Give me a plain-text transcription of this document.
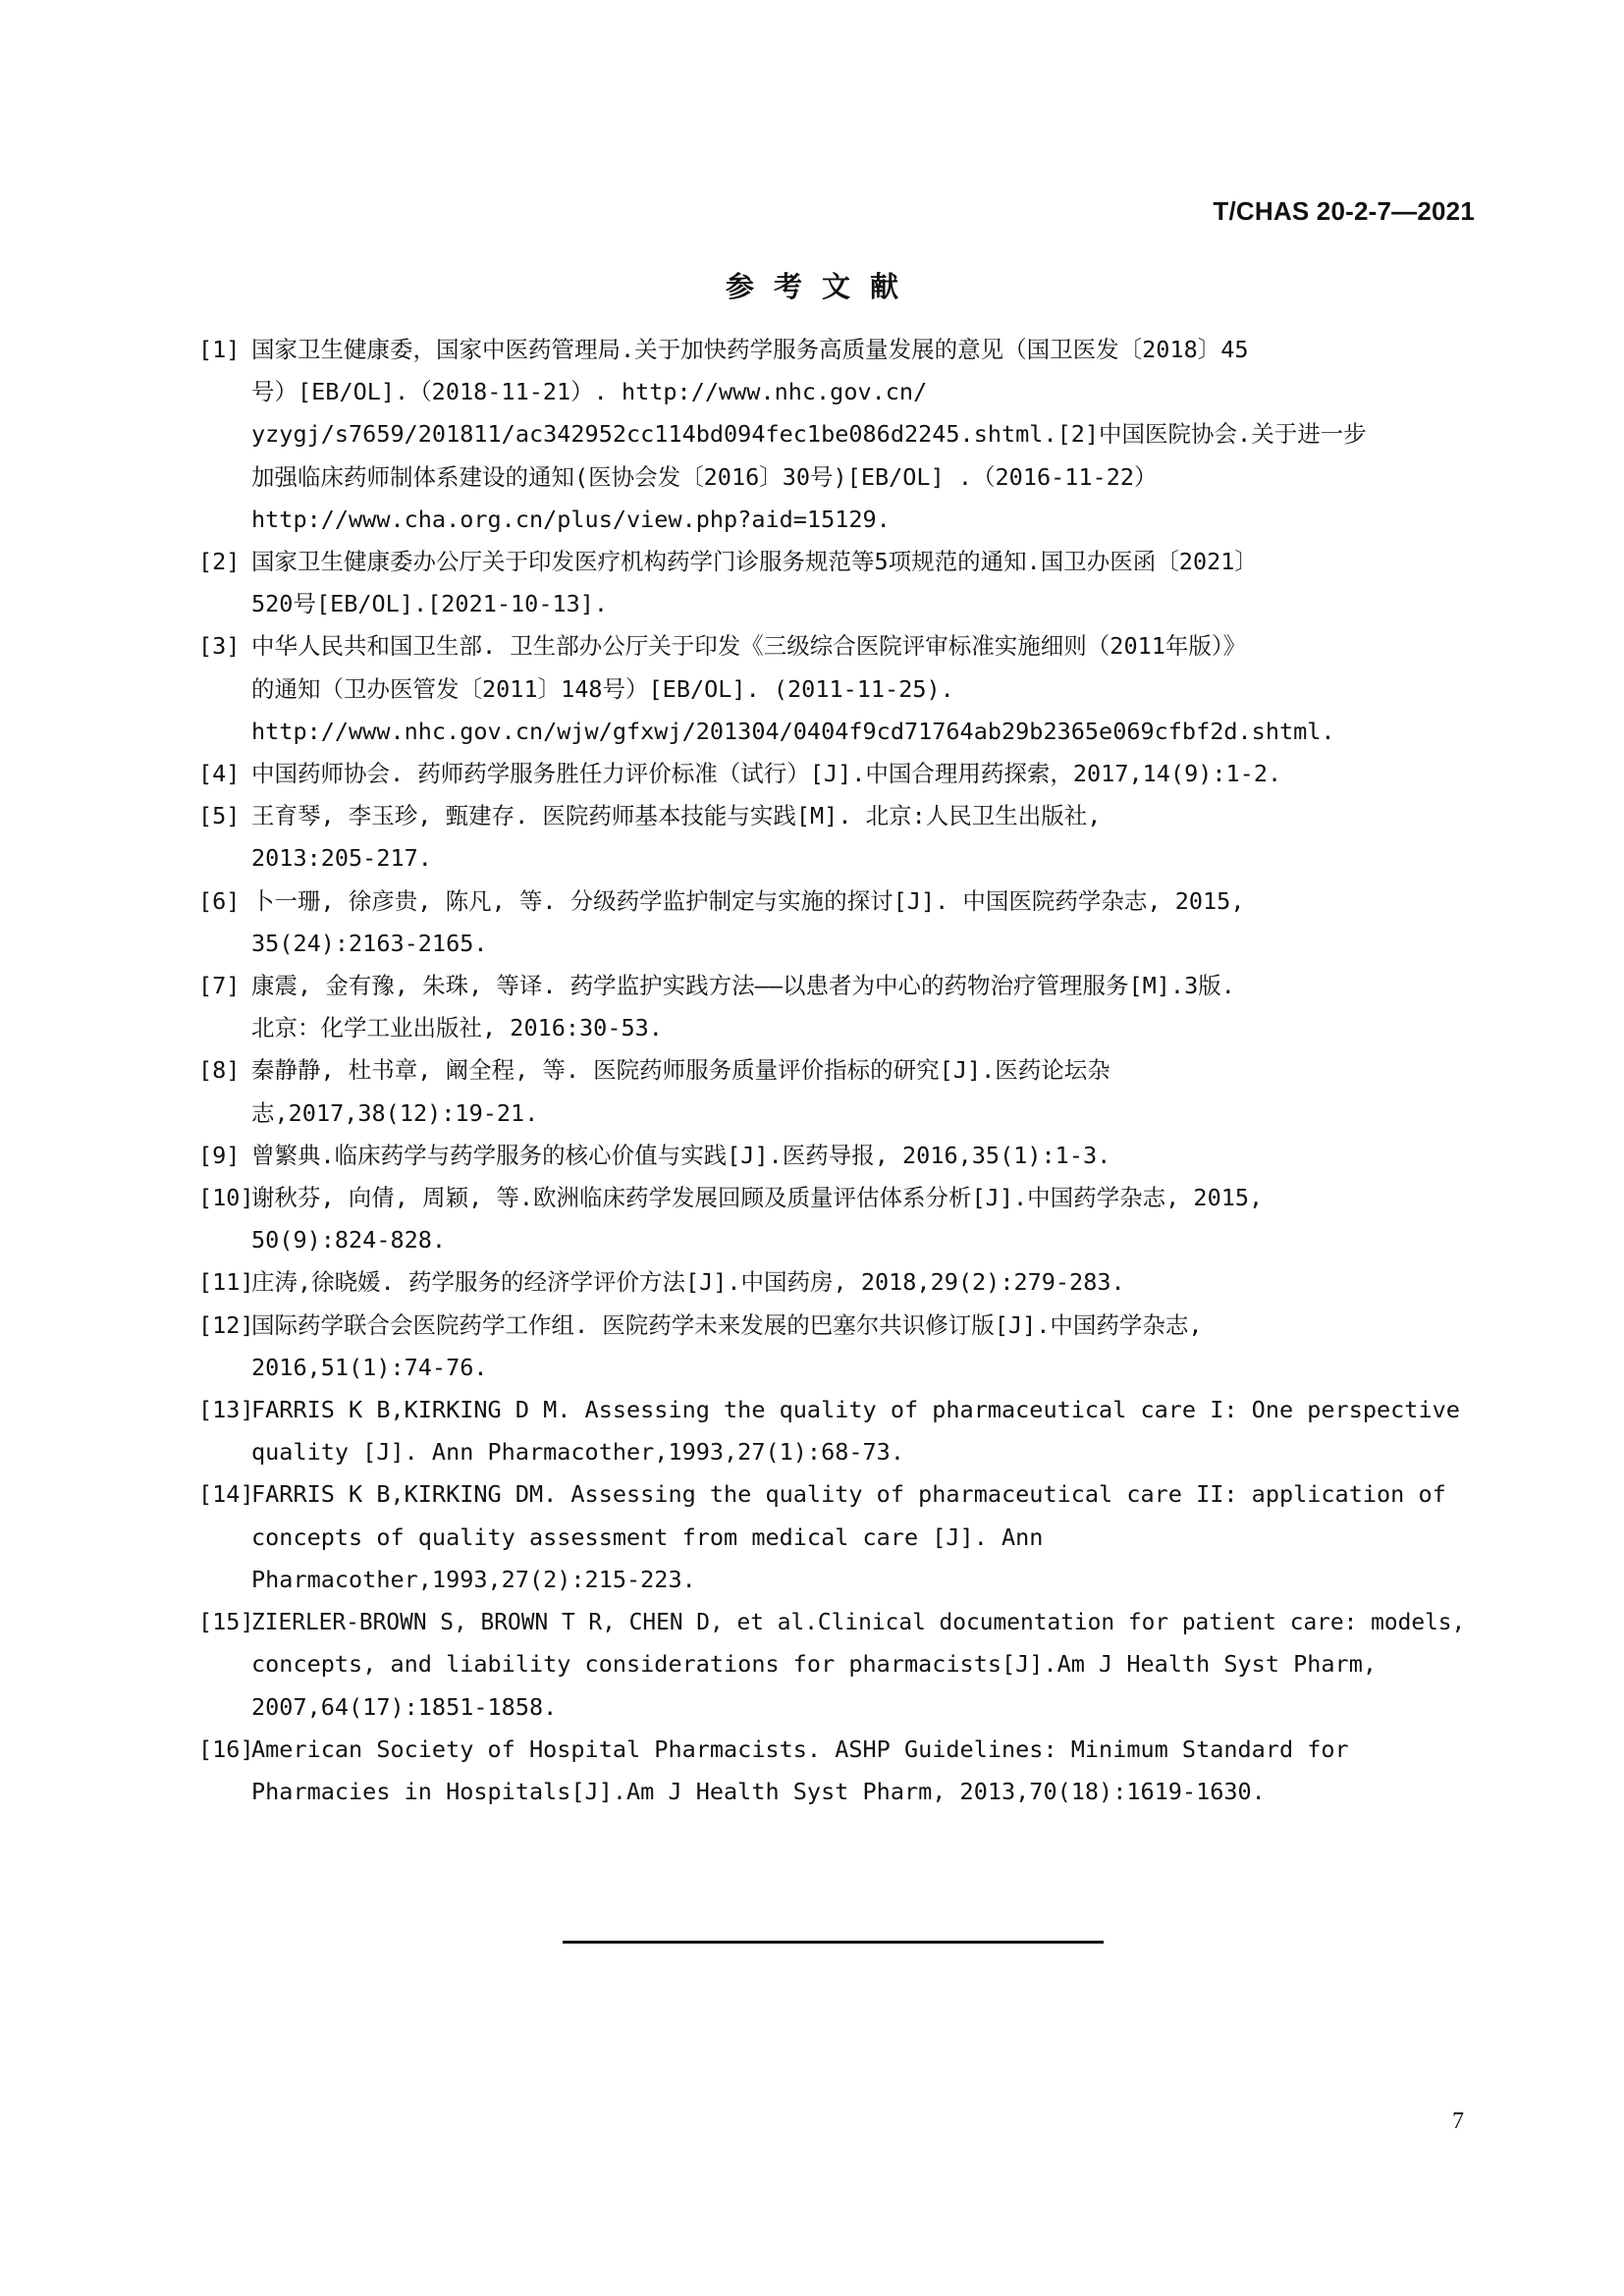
T/CHAS 20-2-7—2021
参考文献
[1] 国家卫生健康委，国家中医药管理局.关于加快药学服务高质量发展的意见（国卫医发〔2018〕45
号）[EB/OL].（2018-11-21）. http://www.nhc.gov.cn/
yzygj/s7659/201811/ac342952cc114bd094fec1be086d2245.shtml.[2]中国医院协会.关于进一步
加强临床药师制体系建设的通知(医协会发〔2016〕30号)[EB/OL] .（2016-11-22）
http://www.cha.org.cn/plus/view.php?aid=15129.
[2] 国家卫生健康委办公厅关于印发医疗机构药学门诊服务规范等5项规范的通知.国卫办医函〔2021〕
520号[EB/OL].[2021-10-13].
[3] 中华人民共和国卫生部. 卫生部办公厅关于印发《三级综合医院评审标准实施细则（2011年版）》
的通知（卫办医管发〔2011〕148号）[EB/OL]. (2011-11-25).
http://www.nhc.gov.cn/wjw/gfxwj/201304/0404f9cd71764ab29b2365e069cfbf2d.shtml.
[4] 中国药师协会. 药师药学服务胜任力评价标准（试行）[J].中国合理用药探索，2017,14(9):1-2.
[5] 王育琴, 李玉珍, 甄建存. 医院药师基本技能与实践[M]. 北京:人民卫生出版社,
2013:205-217.
[6] 卜一珊, 徐彦贵, 陈凡, 等. 分级药学监护制定与实施的探讨[J]. 中国医院药学杂志, 2015,
35(24):2163-2165.
[7] 康震, 金有豫, 朱珠, 等译. 药学监护实践方法——以患者为中心的药物治疗管理服务[M].3版.
北京：化学工业出版社, 2016:30-53.
[8] 秦静静, 杜书章, 阚全程, 等. 医院药师服务质量评价指标的研究[J].医药论坛杂
志,2017,38(12):19-21.
[9] 曾繁典.临床药学与药学服务的核心价值与实践[J].医药导报, 2016,35(1):1-3.
[10]
谢秋芬, 向倩, 周颖, 等.欧洲临床药学发展回顾及质量评估体系分析[J].中国药学杂志, 2015,
50(9):824-828.
[11]
庄涛,徐晓媛. 药学服务的经济学评价方法[J].中国药房, 2018,29(2):279-283.
[12]
国际药学联合会医院药学工作组. 医院药学未来发展的巴塞尔共识修订版[J].中国药学杂志,
2016,51(1):74-76.
[13]
FARRIS K B,KIRKING D M. Assessing the quality of pharmaceutical care I: One perspective
quality [J]. Ann Pharmacother,1993,27(1):68-73.
[14]
FARRIS K B,KIRKING DM. Assessing the quality of pharmaceutical care II: application of
concepts of quality assessment from medical care [J]. Ann
Pharmacother,1993,27(2):215-223.
[15]
ZIERLER-BROWN S, BROWN T R, CHEN D, et al.Clinical documentation for patient care: models,
concepts, and liability considerations for pharmacists[J].Am J Health Syst Pharm,
2007,64(17):1851-1858.
[16]
American Society of Hospital Pharmacists. ASHP Guidelines: Minimum Standard for
Pharmacies in Hospitals[J].Am J Health Syst Pharm, 2013,70(18):1619-1630.
7
